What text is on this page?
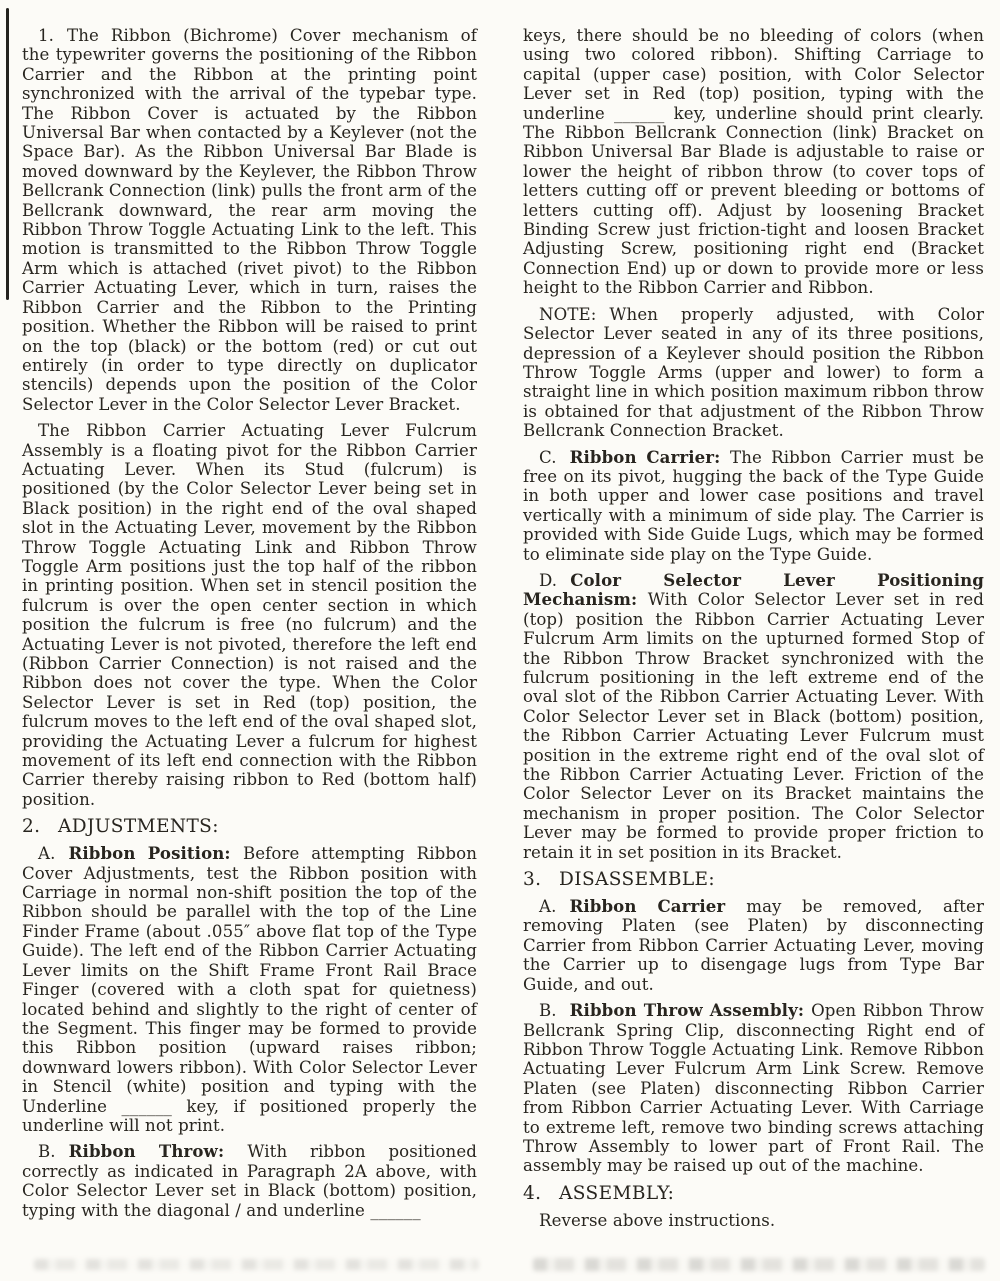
1. The Ribbon (Bichrome) Cover mechanism of the typewriter governs the positioning of the Ribbon Carrier and the Ribbon at the printing point synchronized with the arrival of the typebar type. The Ribbon Cover is actuated by the Ribbon Universal Bar when contacted by a Keylever (not the Space Bar). As the Ribbon Universal Bar Blade is moved downward by the Keylever, the Ribbon Throw Bellcrank Connection (link) pulls the front arm of the Bellcrank downward, the rear arm moving the Ribbon Throw Toggle Actuating Link to the left. This motion is transmitted to the Ribbon Throw Toggle Arm which is attached (rivet pivot) to the Ribbon Carrier Actuating Lever, which in turn, raises the Ribbon Carrier and the Ribbon to the Printing position. Whether the Ribbon will be raised to print on the top (black) or the bottom (red) or cut out entirely (in order to type directly on duplicator stencils) depends upon the position of the Color Selector Lever in the Color Selector Lever Bracket.

The Ribbon Carrier Actuating Lever Fulcrum Assembly is a floating pivot for the Ribbon Carrier Actuating Lever. When its Stud (fulcrum) is positioned (by the Color Selector Lever being set in Black position) in the right end of the oval shaped slot in the Actuating Lever, movement by the Ribbon Throw Toggle Actuating Link and Ribbon Throw Toggle Arm positions just the top half of the ribbon in printing position. When set in stencil position the fulcrum is over the open center section in which position the fulcrum is free (no fulcrum) and the Actuating Lever is not pivoted, therefore the left end (Ribbon Carrier Connection) is not raised and the Ribbon does not cover the type. When the Color Selector Lever is set in Red (top) position, the fulcrum moves to the left end of the oval shaped slot, providing the Actuating Lever a fulcrum for highest movement of its left end connection with the Ribbon Carrier thereby raising ribbon to Red (bottom half) position.

2. ADJUSTMENTS:

A. Ribbon Position: Before attempting Ribbon Cover Adjustments, test the Ribbon position with Carriage in normal non-shift position the top of the Ribbon should be parallel with the top of the Line Finder Frame (about .055″ above flat top of the Type Guide). The left end of the Ribbon Carrier Actuating Lever limits on the Shift Frame Front Rail Brace Finger (covered with a cloth spat for quietness) located behind and slightly to the right of center of the Segment. This finger may be formed to provide this Ribbon position (upward raises ribbon; downward lowers ribbon). With Color Selector Lever in Stencil (white) position and typing with the Underline ______ key, if positioned properly the underline will not print.

B. Ribbon Throw: With ribbon positioned correctly as indicated in Paragraph 2A above, with Color Selector Lever set in Black (bottom) position, typing with the diagonal / and underline ______

keys, there should be no bleeding of colors (when using two colored ribbon). Shifting Carriage to capital (upper case) position, with Color Selector Lever set in Red (top) position, typing with the underline ______ key, underline should print clearly. The Ribbon Bellcrank Connection (link) Bracket on Ribbon Universal Bar Blade is adjustable to raise or lower the height of ribbon throw (to cover tops of letters cutting off or prevent bleeding or bottoms of letters cutting off). Adjust by loosening Bracket Binding Screw just friction-tight and loosen Bracket Adjusting Screw, positioning right end (Bracket Connection End) up or down to provide more or less height to the Ribbon Carrier and Ribbon.

NOTE: When properly adjusted, with Color Selector Lever seated in any of its three positions, depression of a Keylever should position the Ribbon Throw Toggle Arms (upper and lower) to form a straight line in which position maximum ribbon throw is obtained for that adjustment of the Ribbon Throw Bellcrank Connection Bracket.

C. Ribbon Carrier: The Ribbon Carrier must be free on its pivot, hugging the back of the Type Guide in both upper and lower case positions and travel vertically with a minimum of side play. The Carrier is provided with Side Guide Lugs, which may be formed to eliminate side play on the Type Guide.

D. Color Selector Lever Positioning Mechanism: With Color Selector Lever set in red (top) position the Ribbon Carrier Actuating Lever Fulcrum Arm limits on the upturned formed Stop of the Ribbon Throw Bracket synchronized with the fulcrum positioning in the left extreme end of the oval slot of the Ribbon Carrier Actuating Lever. With Color Selector Lever set in Black (bottom) position, the Ribbon Carrier Actuating Lever Fulcrum must position in the extreme right end of the oval slot of the Ribbon Carrier Actuating Lever. Friction of the Color Selector Lever on its Bracket maintains the mechanism in proper position. The Color Selector Lever may be formed to provide proper friction to retain it in set position in its Bracket.

3. DISASSEMBLE:

A. Ribbon Carrier may be removed, after removing Platen (see Platen) by disconnecting Carrier from Ribbon Carrier Actuating Lever, moving the Carrier up to disengage lugs from Type Bar Guide, and out.

B. Ribbon Throw Assembly: Open Ribbon Throw Bellcrank Spring Clip, disconnecting Right end of Ribbon Throw Toggle Actuating Link. Remove Ribbon Actuating Lever Fulcrum Arm Link Screw. Remove Platen (see Platen) disconnecting Ribbon Carrier from Ribbon Carrier Actuating Lever. With Carriage to extreme left, remove two binding screws attaching Throw Assembly to lower part of Front Rail. The assembly may be raised up out of the machine.

4. ASSEMBLY:

Reverse above instructions.
